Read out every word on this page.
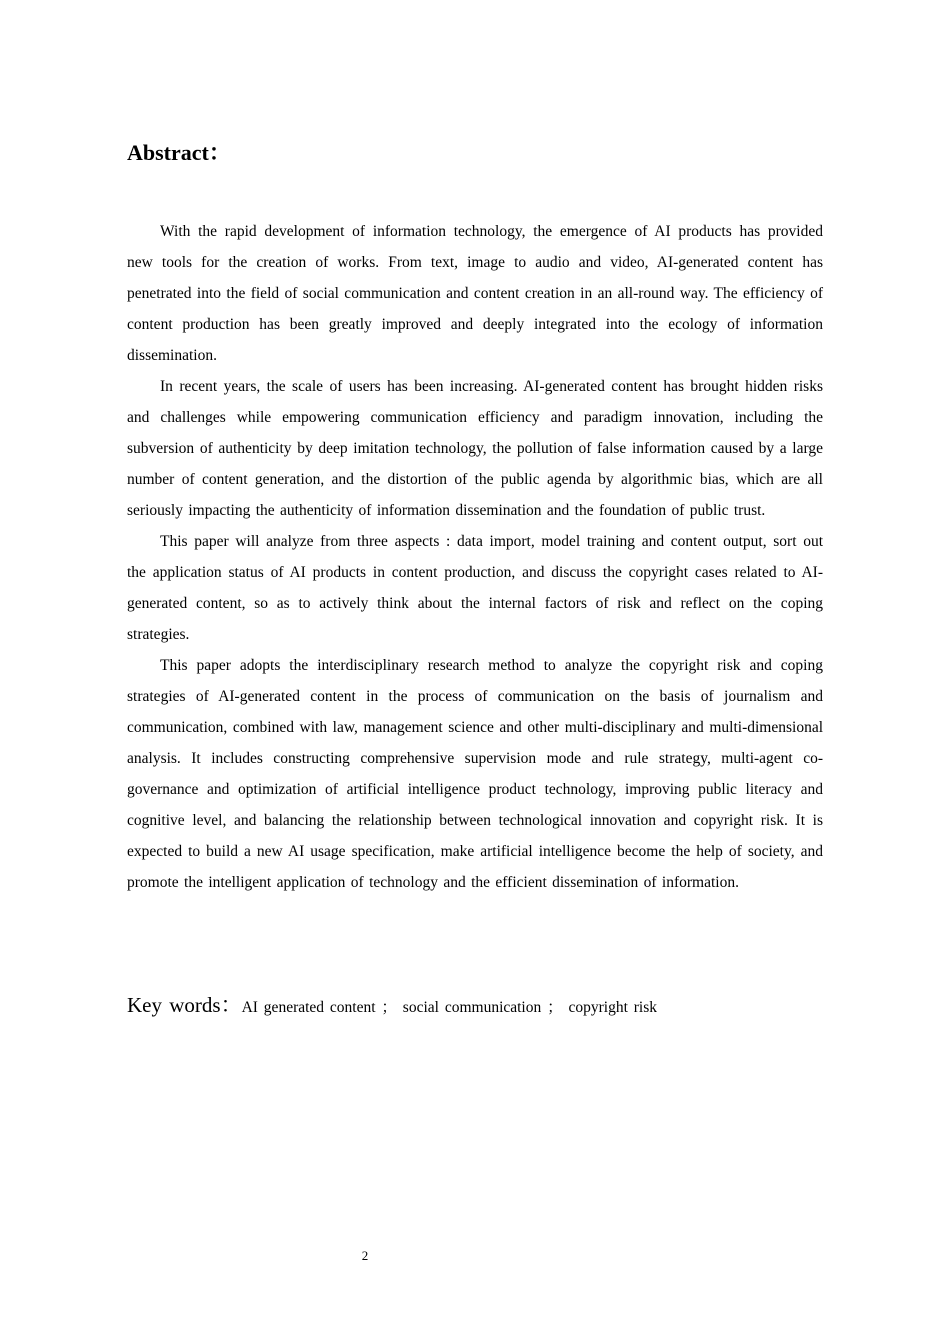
Abstract：

With the rapid development of information technology, the emergence of AI products has provided new tools for the creation of works. From text, image to audio and video, AI-generated content has penetrated into the field of social communication and content creation in an all-round way. The efficiency of content production has been greatly improved and deeply integrated into the ecology of information dissemination.

In recent years, the scale of users has been increasing. AI-generated content has brought hidden risks and challenges while empowering communication efficiency and paradigm innovation, including the subversion of authenticity by deep imitation technology, the pollution of false information caused by a large number of content generation, and the distortion of the public agenda by algorithmic bias, which are all seriously impacting the authenticity of information dissemination and the foundation of public trust.

This paper will analyze from three aspects : data import, model training and content output, sort out the application status of AI products in content production, and discuss the copyright cases related to AI-generated content, so as to actively think about the internal factors of risk and reflect on the coping strategies.

This paper adopts the interdisciplinary research method to analyze the copyright risk and coping strategies of AI-generated content in the process of communication on the basis of journalism and communication, combined with law, management science and other multi-disciplinary and multi-dimensional analysis. It includes constructing comprehensive supervision mode and rule strategy, multi-agent co-governance and optimization of artificial intelligence product technology, improving public literacy and cognitive level, and balancing the relationship between technological innovation and copyright risk. It is expected to build a new AI usage specification, make artificial intelligence become the help of society, and promote the intelligent application of technology and the efficient dissemination of information.

Key words：AI generated content ； social communication ； copyright risk
2
